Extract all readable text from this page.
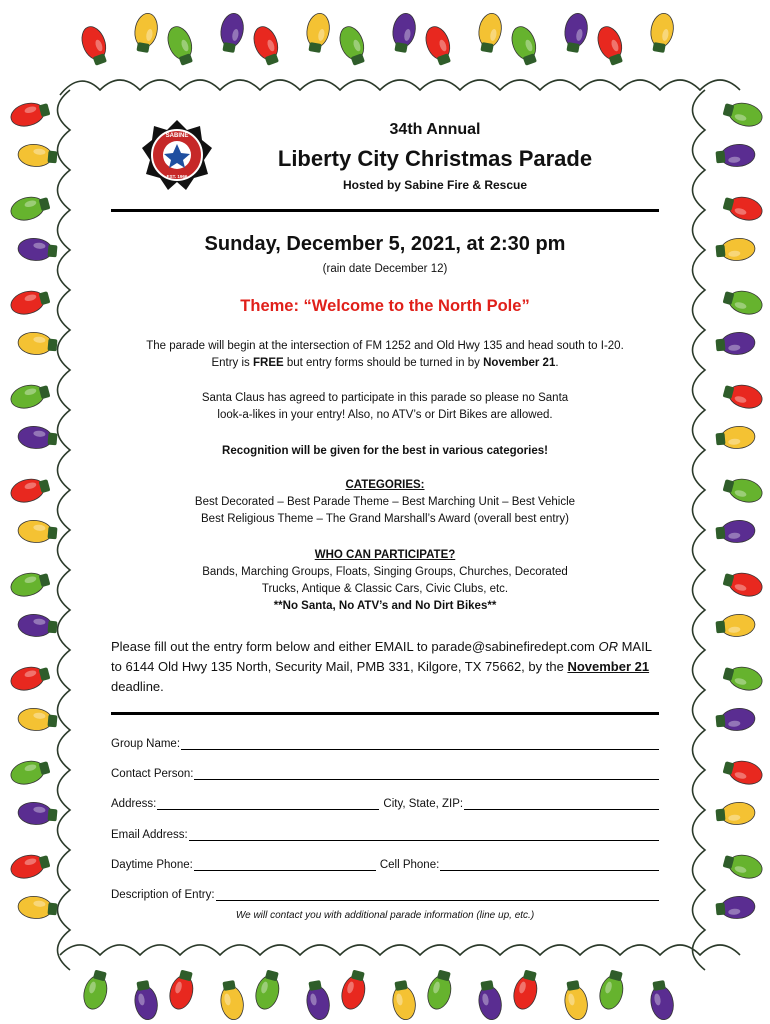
SABINE
EST. 1966
34th Annual
Liberty City Christmas Parade
Hosted by Sabine Fire & Rescue
Sunday, December 5, 2021, at 2:30 pm
(rain date December 12)
Theme: “Welcome to the North Pole”
The parade will begin at the intersection of FM 1252 and Old Hwy 135 and head south to I-20.
Entry is FREE but entry forms should be turned in by November 21.
Santa Claus has agreed to participate in this parade so please no Santa
look-a-likes in your entry! Also, no ATV’s or Dirt Bikes are allowed.
Recognition will be given for the best in various categories!
CATEGORIES:
Best Decorated – Best Parade Theme – Best Marching Unit – Best Vehicle
Best Religious Theme – The Grand Marshall’s Award (overall best entry)
WHO CAN PARTICIPATE?
Bands, Marching Groups, Floats, Singing Groups, Churches, Decorated
Trucks, Antique & Classic Cars, Civic Clubs, etc.
**No Santa, No ATV’s and No Dirt Bikes**
Please fill out the entry form below and either EMAIL to parade@sabinefiredept.com OR MAIL to 6144 Old Hwy 135 North, Security Mail, PMB 331, Kilgore, TX 75662, by the November 21 deadline.
Group Name:
Contact Person:
Address:	City, State, ZIP:
Email Address:
Daytime Phone:	Cell Phone:
Description of Entry:
We will contact you with additional parade information (line up, etc.)
